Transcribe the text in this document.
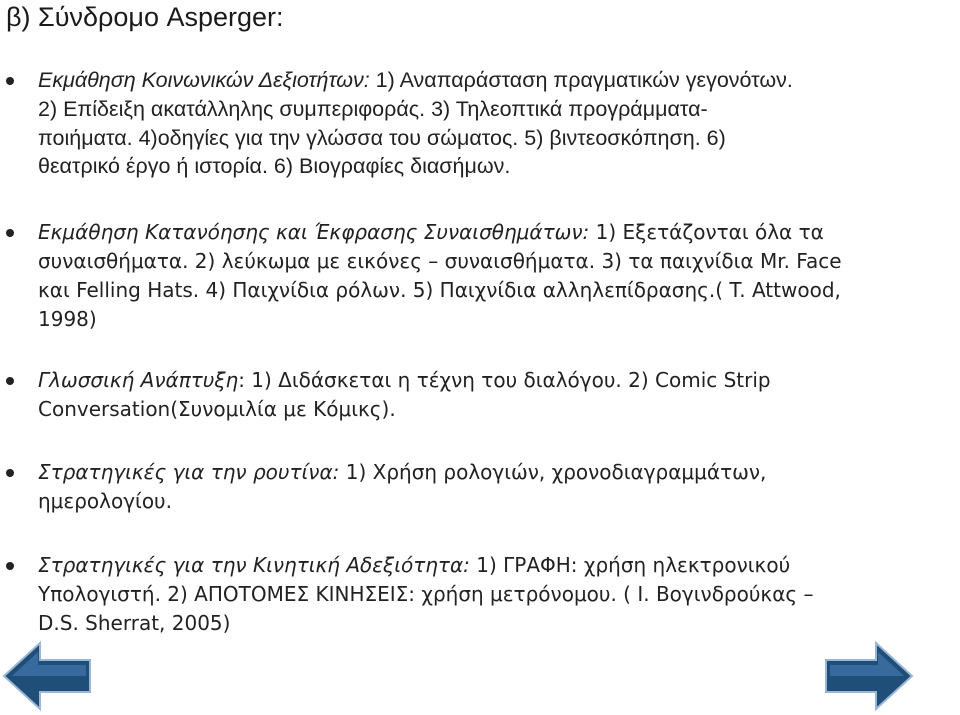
β) Σύνδρομο Asperger:
Εκμάθηση Κοινωνικών Δεξιοτήτων: 1) Αναπαράσταση πραγματικών γεγονότων.
2) Επίδειξη ακατάλληλης συμπεριφοράς. 3) Τηλεοπτικά προγράμματα-
ποιήματα. 4)οδηγίες για την γλώσσα του σώματος. 5) βιντεοσκόπηση. 6)
θεατρικό έργο ή ιστορία. 6) Βιογραφίες διασήμων.
Εκμάθηση Κατανόησης και Έκφρασης Συναισθημάτων: 1) Εξετάζονται όλα τα
συναισθήματα. 2) λεύκωμα με εικόνες – συναισθήματα. 3) τα παιχνίδια Mr. Face
και Felling Hats. 4) Παιχνίδια ρόλων. 5) Παιχνίδια αλληλεπίδρασης.( T. Attwood,
1998)
Γλωσσική Ανάπτυξη: 1) Διδάσκεται η τέχνη του διαλόγου. 2) Comic Strip
Conversation(Συνομιλία με Κόμικς).
Στρατηγικές για την ρουτίνα: 1) Χρήση ρολογιών, χρονοδιαγραμμάτων,
ημερολογίου.
Στρατηγικές για την Κινητική Αδεξιότητα: 1) ΓΡΑΦΗ: χρήση ηλεκτρονικού
Υπολογιστή. 2) ΑΠΟΤΟΜΕΣ ΚΙΝΗΣΕΙΣ: χρήση μετρόνομου. ( I. Βογινδρούκας –
D.S. Sherrat, 2005)
